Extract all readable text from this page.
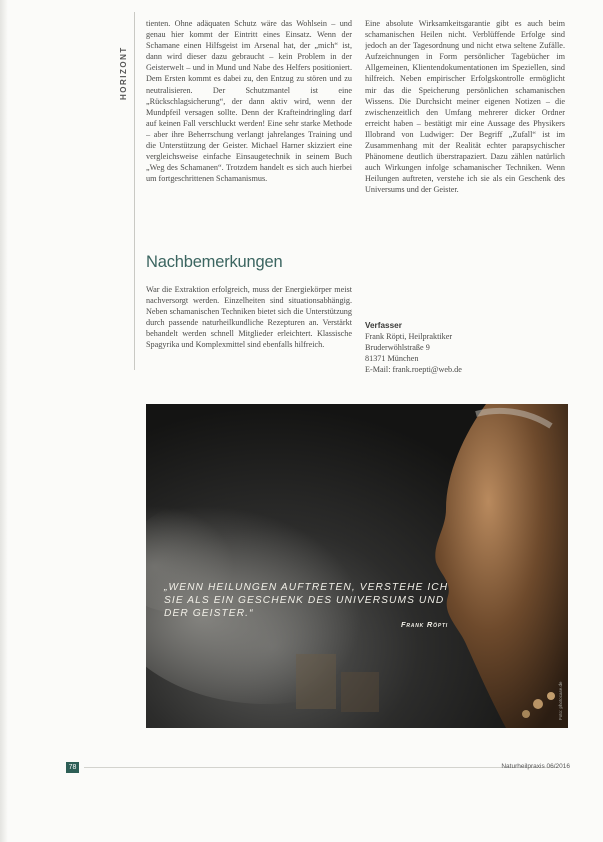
HORIZONT

tienten. Ohne adäquaten Schutz wäre das Wohlsein – und genau hier kommt der Eintritt eines Einsatz. Wenn der Schamane einen Hilfsgeist im Arsenal hat, der „mich“ ist, dann wird dieser dazu gebraucht – kein Problem in der Geisterwelt – und in Mund und Nabe des Helfers positioniert. Dem Ersten kommt es dabei zu, den Entzug zu stören und zu neutralisieren. Der Schutzmantel ist eine „Rückschlagsicherung“, der dann aktiv wird, wenn der Mundpfeil versagen sollte. Denn der Krafteindringling darf auf keinen Fall verschluckt werden! Eine sehr starke Methode – aber ihre Beherrschung verlangt jahrelanges Training und die Unterstützung der Geister. Michael Harner skizziert eine vergleichsweise einfache Einsaugetechnik in seinem Buch „Weg des Schamanen“. Trotzdem handelt es sich auch hierbei um fortgeschrittenen Schamanismus.

Eine absolute Wirksamkeitsgarantie gibt es auch beim schamanischen Heilen nicht. Verblüffende Erfolge sind jedoch an der Tagesordnung und nicht etwa seltene Zufälle. Aufzeichnungen in Form persönlicher Tagebücher im Allgemeinen, Klientendokumentationen im Speziellen, sind hilfreich. Neben empirischer Erfolgskontrolle ermöglicht mir das die Speicherung persönlichen schamanischen Wissens. Die Durchsicht meiner eigenen Notizen – die zwischenzeitlich den Umfang mehrerer dicker Ordner erreicht haben – bestätigt mir eine Aussage des Physikers Illobrand von Ludwiger: Der Begriff „Zufall“ ist im Zusammenhang mit der Realität echter parapsychischer Phänomene deutlich überstrapaziert. Dazu zählen natürlich auch Wirkungen infolge schamanischer Techniken. Wenn Heilungen auftreten, verstehe ich sie als ein Geschenk des Universums und der Geister.

Nachbemerkungen

War die Extraktion erfolgreich, muss der Energiekörper meist nachversorgt werden. Einzelheiten sind situationsabhängig. Neben schamanischen Techniken bietet sich die Unterstützung durch passende naturheilkundliche Rezepturen an. Verstärkt behandelt werden schnell Mitglieder erleichtert. Klassische Spagyrika und Komplexmittel sind ebenfalls hilfreich.

Verfasser
Frank Röpti, Heilpraktiker
Bruderwöhlstraße 9
81371 München
E-Mail: frank.roepti@web.de
„WENN HEILUNGEN AUFTRETEN, VERSTEHE ICH SIE ALS EIN GESCHENK DES UNIVERSUMS UND DER GEISTER.“
Frank Röpti
Foto: photocase.de
78	Naturheilpraxis 06/2016
